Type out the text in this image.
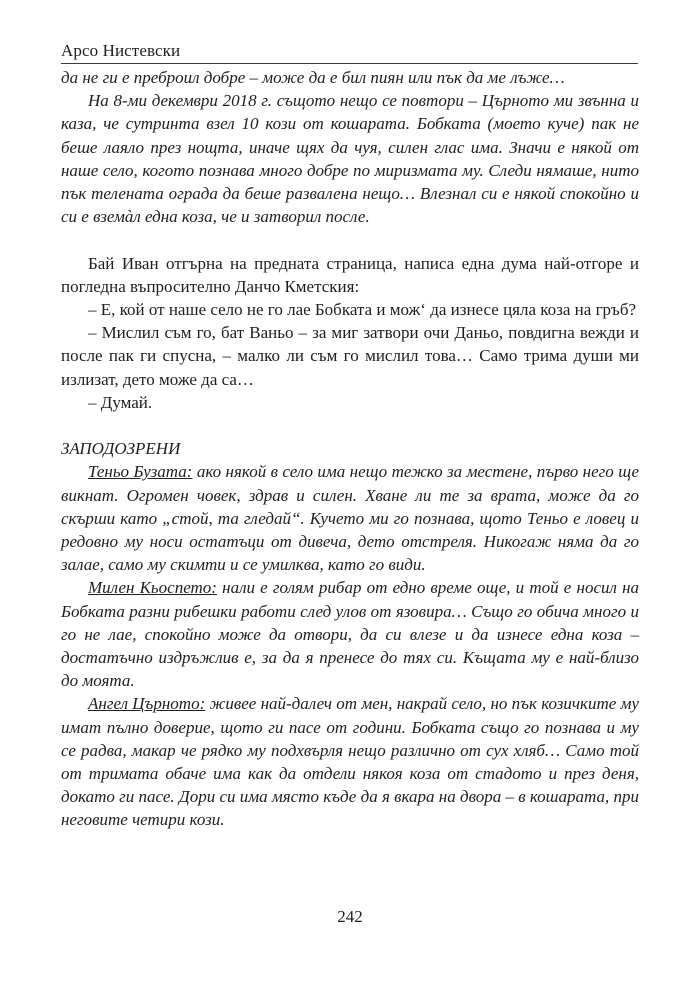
Арсо Нистевски

да не ги е преброил добре – може да е бил пиян или пък да ме лъже…

На 8-ми декември 2018 г. същото нещо се повтори – Църното ми звънна и каза, че сутринта взел 10 кози от кошарата. Бобката (моето куче) пак не беше лаяло през нощта, иначе щях да чуя, силен глас има. Значи е някой от наше село, когото познава много добре по миризмата му. Следи нямаше, нито пък телената ограда да беше развалена нещо… Влезнал си е някой спокойно и си е вземàл една коза, че и затворил после.

Бай Иван отгърна на предната страница, написа една дума най-отгоре и погледна въпросително Данчо Кметския:

– Е, кой от наше село не го лае Бобката и мож‘ да изнесе цяла коза на гръб?

– Мислил съм го, бат Ваньо – за миг затвори очи Даньо, повдигна вежди и после пак ги спусна, – малко ли съм го мислил това… Само трима души ми излизат, дето може да са…

– Думай.

ЗАПОДОЗРЕНИ

Теньо Бузата: ако някой в село има нещо тежко за местене, първо него ще викнат. Огромен човек, здрав и силен. Хване ли те за врата, може да го скърши като „стой, та гледай“. Кучето ми го познава, щото Теньо е ловец и редовно му носи остатъци от дивеча, дето отстреля. Никогаж няма да го залае, само му скимти и се умилква, като го види.

Милен Кьоспето: нали е голям рибар от едно време още, и той е носил на Бобката разни рибешки работи след улов от язовира… Също го обича много и го не лае, спокойно може да отвори, да си влезе и да изнесе една коза – достатъчно издръжлив е, за да я пренесе до тях си. Къщата му е най-близо до моята.

Ангел Църното: живее най-далеч от мен, накрай село, но пък козичките му имат пълно доверие, щото ги пасе от години. Бобката също го познава и му се радва, макар че рядко му подхвърля нещо различно от сух хляб… Само той от тримата обаче има как да отдели някоя коза от стадото и през деня, докато ги пасе. Дори си има място къде да я вкара на двора – в кошарата, при неговите четири кози.

242
